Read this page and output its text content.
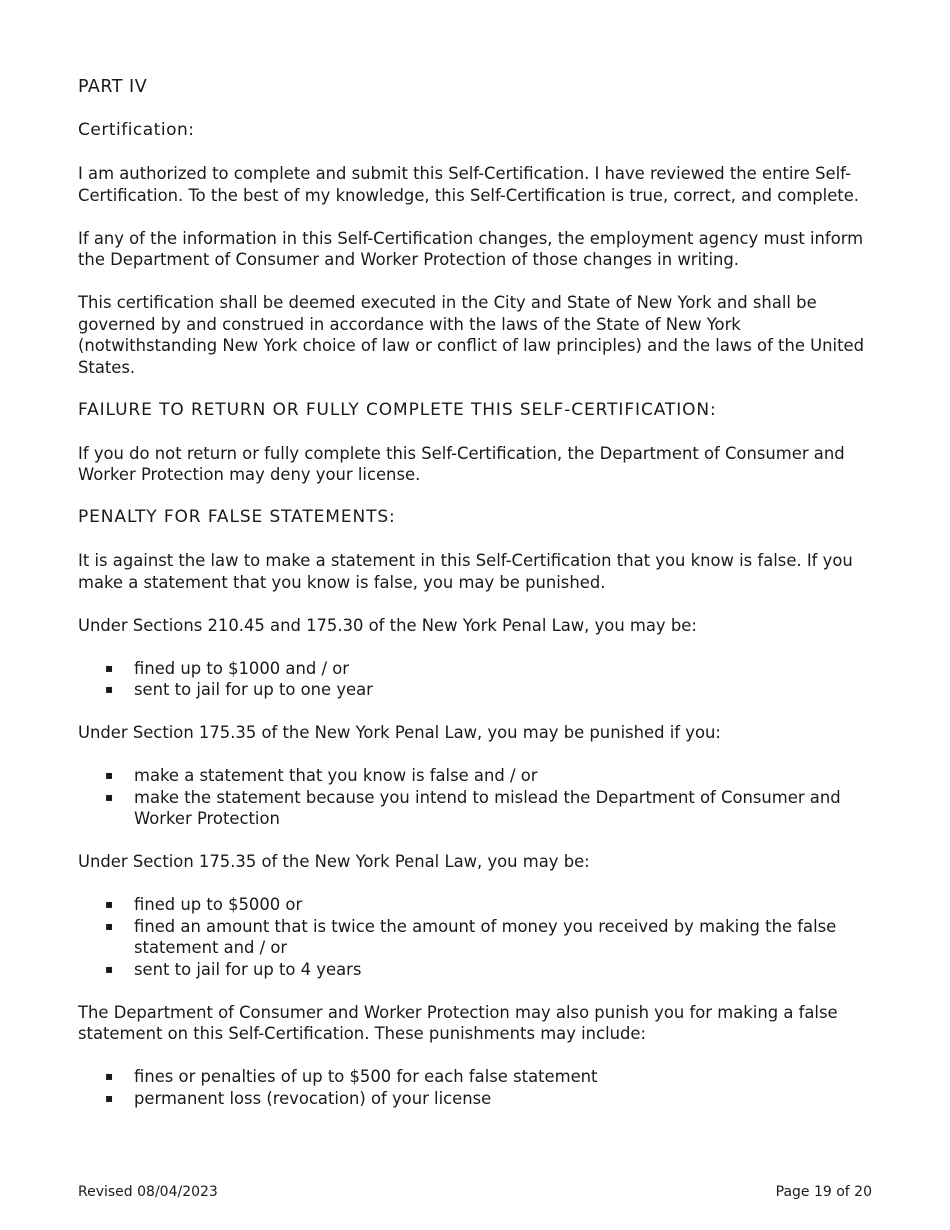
PART IV
Certification:

I am authorized to complete and submit this Self-Certification. I have reviewed the entire Self-Certification. To the best of my knowledge, this Self-Certification is true, correct, and complete.

If any of the information in this Self-Certification changes, the employment agency must inform the Department of Consumer and Worker Protection of those changes in writing.

This certification shall be deemed executed in the City and State of New York and shall be governed by and construed in accordance with the laws of the State of New York (notwithstanding New York choice of law or conflict of law principles) and the laws of the United States.

FAILURE TO RETURN OR FULLY COMPLETE THIS SELF-CERTIFICATION:

If you do not return or fully complete this Self-Certification, the Department of Consumer and Worker Protection may deny your license.

PENALTY FOR FALSE STATEMENTS:

It is against the law to make a statement in this Self-Certification that you know is false. If you make a statement that you know is false, you may be punished.

Under Sections 210.45 and 175.30 of the New York Penal Law, you may be:

▪ fined up to $1000 and / or
▪ sent to jail for up to one year

Under Section 175.35 of the New York Penal Law, you may be punished if you:

▪ make a statement that you know is false and / or
▪ make the statement because you intend to mislead the Department of Consumer and Worker Protection

Under Section 175.35 of the New York Penal Law, you may be:

▪ fined up to $5000 or
▪ fined an amount that is twice the amount of money you received by making the false statement and / or
▪ sent to jail for up to 4 years

The Department of Consumer and Worker Protection may also punish you for making a false statement on this Self-Certification. These punishments may include:

▪ fines or penalties of up to $500 for each false statement
▪ permanent loss (revocation) of your license
Revised 08/04/2023	Page 19 of 20
